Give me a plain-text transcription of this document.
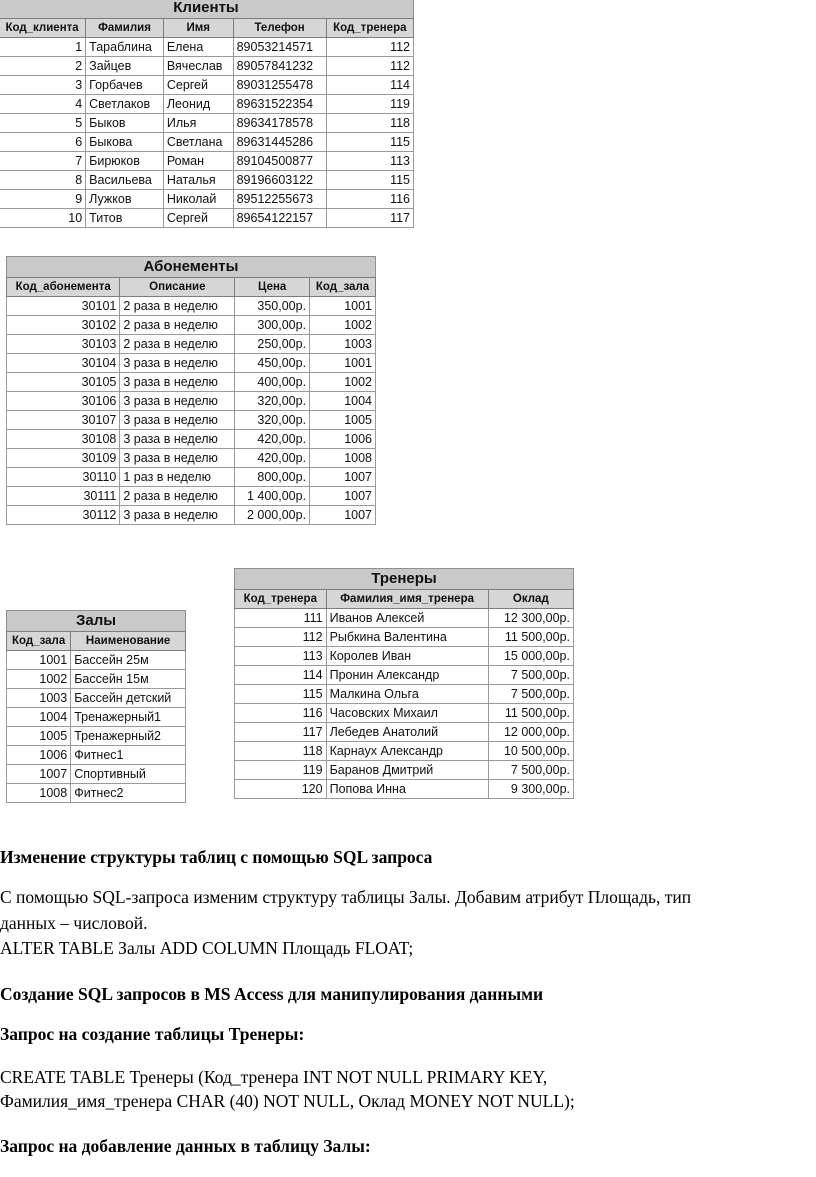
Клиенты
Код_клиента	Фамилия	Имя	Телефон	Код_тренера
1	Тараблина	Елена	89053214571	112
2	Зайцев	Вячеслав	89057841232	112
3	Горбачев	Сергей	89031255478	114
4	Светлаков	Леонид	89631522354	119
5	Быков	Илья	89634178578	118
6	Быкова	Светлана	89631445286	115
7	Бирюков	Роман	89104500877	113
8	Васильева	Наталья	89196603122	115
9	Лужков	Николай	89512255673	116
10	Титов	Сергей	89654122157	117
Абонементы
Код_абонемента	Описание	Цена	Код_зала
30101	2 раза в неделю	350,00р.	1001
30102	2 раза в неделю	300,00р.	1002
30103	2 раза в неделю	250,00р.	1003
30104	3 раза в неделю	450,00р.	1001
30105	3 раза в неделю	400,00р.	1002
30106	3 раза в неделю	320,00р.	1004
30107	3 раза в неделю	320,00р.	1005
30108	3 раза в неделю	420,00р.	1006
30109	3 раза в неделю	420,00р.	1008
30110	1 раз в неделю	800,00р.	1007
30111	2 раза в неделю	1 400,00р.	1007
30112	3 раза в неделю	2 000,00р.	1007
Тренеры
Код_тренера	Фамилия_имя_тренера	Оклад
111	Иванов Алексей	12 300,00р.
112	Рыбкина Валентина	11 500,00р.
113	Королев Иван	15 000,00р.
114	Пронин Александр	7 500,00р.
115	Малкина Ольга	7 500,00р.
116	Часовских Михаил	11 500,00р.
117	Лебедев Анатолий	12 000,00р.
118	Карнаух Александр	10 500,00р.
119	Баранов Дмитрий	7 500,00р.
120	Попова Инна	9 300,00р.
Залы
Код_зала	Наименование
1001	Бассейн 25м
1002	Бассейн 15м
1003	Бассейн детский
1004	Тренажерный1
1005	Тренажерный2
1006	Фитнес1
1007	Спортивный
1008	Фитнес2
Изменение структуры таблиц с помощью SQL запроса
С помощью SQL-запроса изменим структуру таблицы Залы. Добавим атрибут Площадь, тип
данных – числовой.
ALTER TABLE Залы ADD COLUMN Площадь FLOAT;
Создание SQL запросов в MS Access для манипулирования данными
Запрос на создание таблицы Тренеры:
CREATE TABLE Тренеры (Код_тренера INT NOT NULL PRIMARY KEY,
Фамилия_имя_тренера CHAR (40) NOT NULL, Оклад MONEY NOT NULL);
Запрос на добавление данных в таблицу Залы:
